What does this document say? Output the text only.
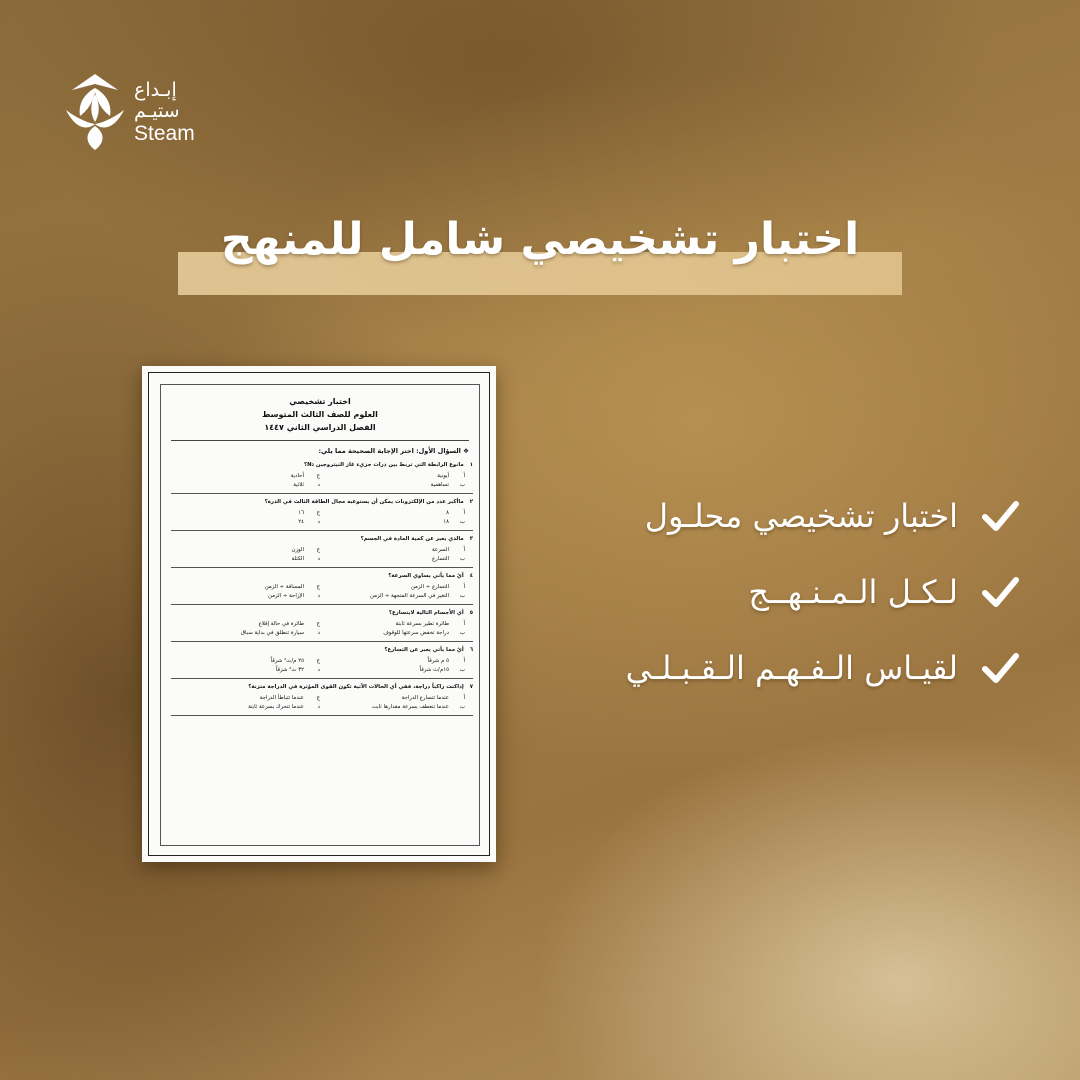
إبـداع
ستيـم
Steam
اختبار تشخيصي شامل للمنهج
اختبار تشخيصي
العلوم للصف الثالث المتوسط
الفصل الدراسي الثاني ١٤٤٧
❖ السؤال الأول: اختر الإجابة الصحيحة مما يلي:
١
مانوع الرابطة التي تربط بين ذرات جزيء غاز النيتروجين N₂؟
أ
أيونية
ج
أحادية
ب
تساهمية
د
ثلاثية
٢
ماأكبر عدد من الإلكترونات يمكن أن يستوعبه مجال الطاقة الثالث في الذرة؟
أ
٨
ج
١٦
ب
١٨
د
٢٤
٣
مالذي يعبر عن كمية المادة في الجسم؟
أ
السرعة
ج
الوزن
ب
التسارع
د
الكتلة
٤
أيٌ مما يأتي يساوي السرعة؟
أ
التسارع ÷ الزمن
ج
المسافة ÷ الزمن
ب
التغير في السرعة المتجهة ÷ الزمن
د
الإزاحة ÷ الزمن
٥
أي الأجسام التالية لايتسارع؟
أ
طائرة تطير بسرعة ثابتة
ج
طائرة في حالة إقلاع
ب
دراجة تخفض سرعتها للوقوف
د
سيارة تنطلق في بداية سباق
٦
أيٌ مما يأتي يعبر عن التسارع؟
أ
٥ م شرقاً
ج
٢٥ م/ث² شرقاً
ب
١٥م/ث شرقاً
د
٣٢ ث² شرقاً
٧
إذاكنت راكباً دراجة، ففي أي الحالات الآتية تكون القوى المؤثرة في الدراجة متزنة؟
أ
عندما تتسارع الدراجة
ج
عندما تتباطأ الدراجة
ب
عندما تنعطف بسرعة مقدارها ثابت
د
عندما تتحرك بسرعة ثابتة
اختبار تشخيصي محلـول
لـكـل الـمـنـهــج
لقيـاس الـفـهـم الـقـبـلـي
